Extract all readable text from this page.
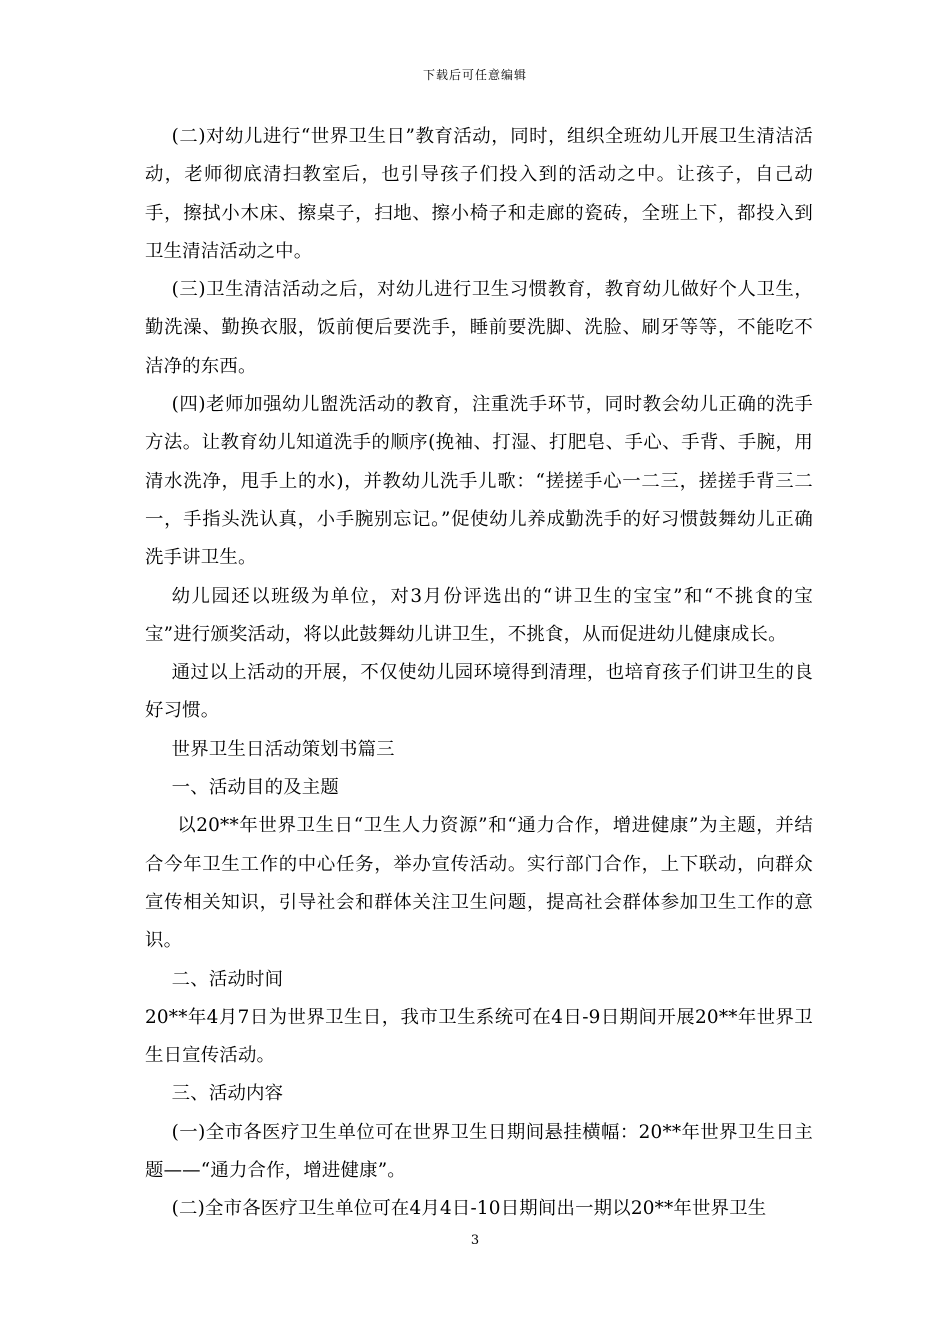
下载后可任意编辑

(二)对幼儿进行“世界卫生日”教育活动，同时，组织全班幼儿开展卫生清洁活动，老师彻底清扫教室后，也引导孩子们投入到的活动之中。让孩子，自己动手，擦拭小木床、擦桌子，扫地、擦小椅子和走廊的瓷砖，全班上下，都投入到卫生清洁活动之中。

(三)卫生清洁活动之后，对幼儿进行卫生习惯教育，教育幼儿做好个人卫生，勤洗澡、勤换衣服，饭前便后要洗手，睡前要洗脚、洗脸、刷牙等等，不能吃不洁净的东西。

(四)老师加强幼儿盥洗活动的教育，注重洗手环节，同时教会幼儿正确的洗手方法。让教育幼儿知道洗手的顺序(挽袖、打湿、打肥皂、手心、手背、手腕，用清水洗净，甩手上的水)，并教幼儿洗手儿歌：“搓搓手心一二三，搓搓手背三二一，手指头洗认真，小手腕别忘记。”促使幼儿养成勤洗手的好习惯鼓舞幼儿正确洗手讲卫生。

幼儿园还以班级为单位，对3月份评选出的“讲卫生的宝宝”和“不挑食的宝宝”进行颁奖活动，将以此鼓舞幼儿讲卫生，不挑食，从而促进幼儿健康成长。

通过以上活动的开展，不仅使幼儿园环境得到清理，也培育孩子们讲卫生的良好习惯。

世界卫生日活动策划书篇三

一、活动目的及主题

以20**年世界卫生日“卫生人力资源”和“通力合作，增进健康”为主题，并结合今年卫生工作的中心任务，举办宣传活动。实行部门合作，上下联动，向群众宣传相关知识，引导社会和群体关注卫生问题，提高社会群体参加卫生工作的意识。

二、活动时间

20**年4月7日为世界卫生日，我市卫生系统可在4日-9日期间开展20**年世界卫生日宣传活动。

三、活动内容

(一)全市各医疗卫生单位可在世界卫生日期间悬挂横幅：20**年世界卫生日主题——“通力合作，增进健康”。

(二)全市各医疗卫生单位可在4月4日-10日期间出一期以20**年世界卫生

3
